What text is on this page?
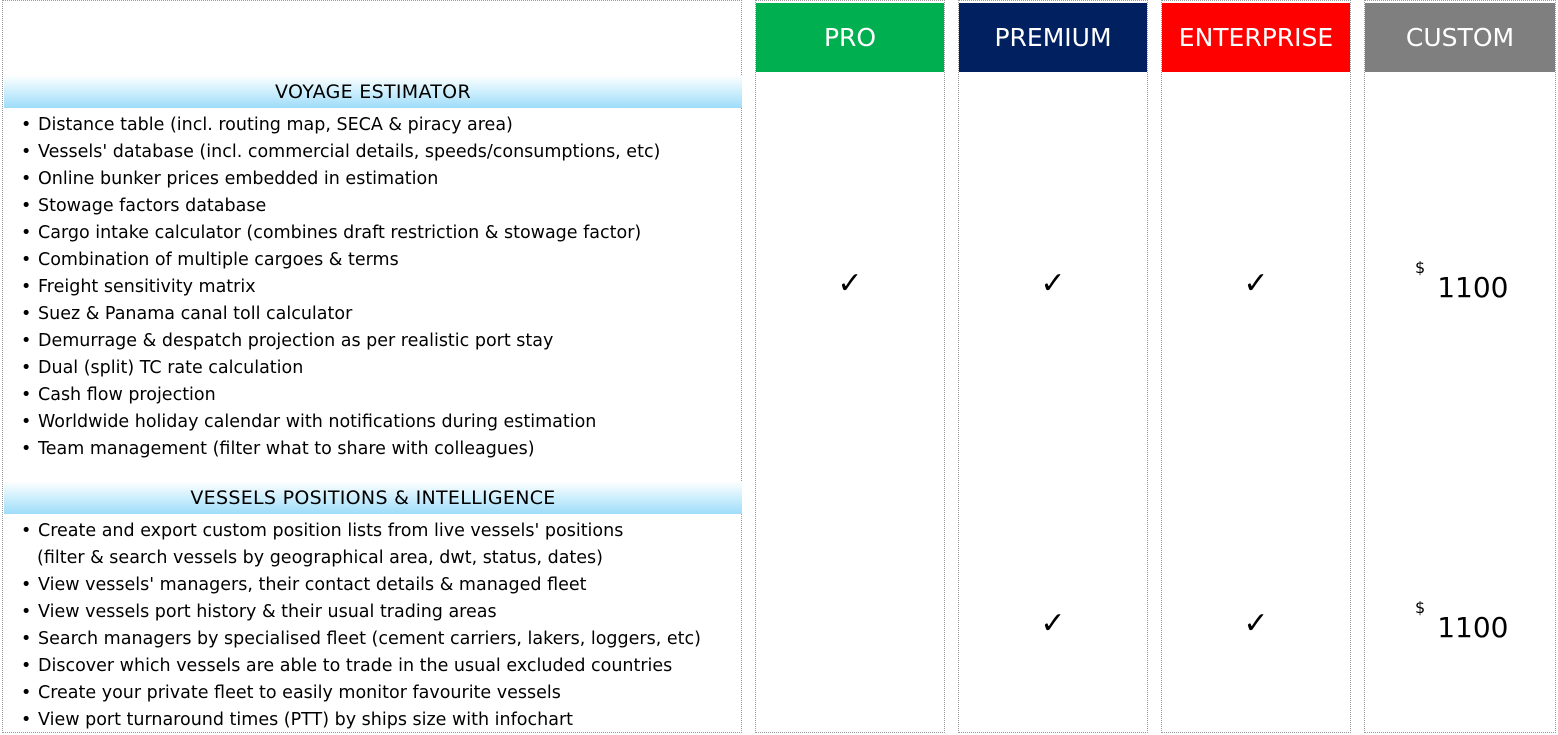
VOYAGE ESTIMATOR
• Distance table (incl. routing map, SECA & piracy area)
• Vessels' database (incl. commercial details, speeds/consumptions, etc)
• Online bunker prices embedded in estimation
• Stowage factors database
• Cargo intake calculator (combines draft restriction & stowage factor)
• Combination of multiple cargoes & terms
• Freight sensitivity matrix
• Suez & Panama canal toll calculator
• Demurrage & despatch projection as per realistic port stay
• Dual (split) TC rate calculation
• Cash flow projection
• Worldwide holiday calendar with notifications during estimation
• Team management (filter what to share with colleagues)
VESSELS POSITIONS & INTELLIGENCE
• Create and export custom position lists from live vessels' positions
(filter & search vessels by geographical area, dwt, status, dates)
• View vessels' managers, their contact details & managed fleet
• View vessels port history & their usual trading areas
• Search managers by specialised fleet (cement carriers, lakers, loggers, etc)
• Discover which vessels are able to trade in the usual excluded countries
• Create your private fleet to easily monitor favourite vessels
• View port turnaround times (PTT) by ships size with infochart
PRO
✓
PREMIUM
✓
✓
ENTERPRISE
✓
✓
CUSTOM
$1100
$1100
